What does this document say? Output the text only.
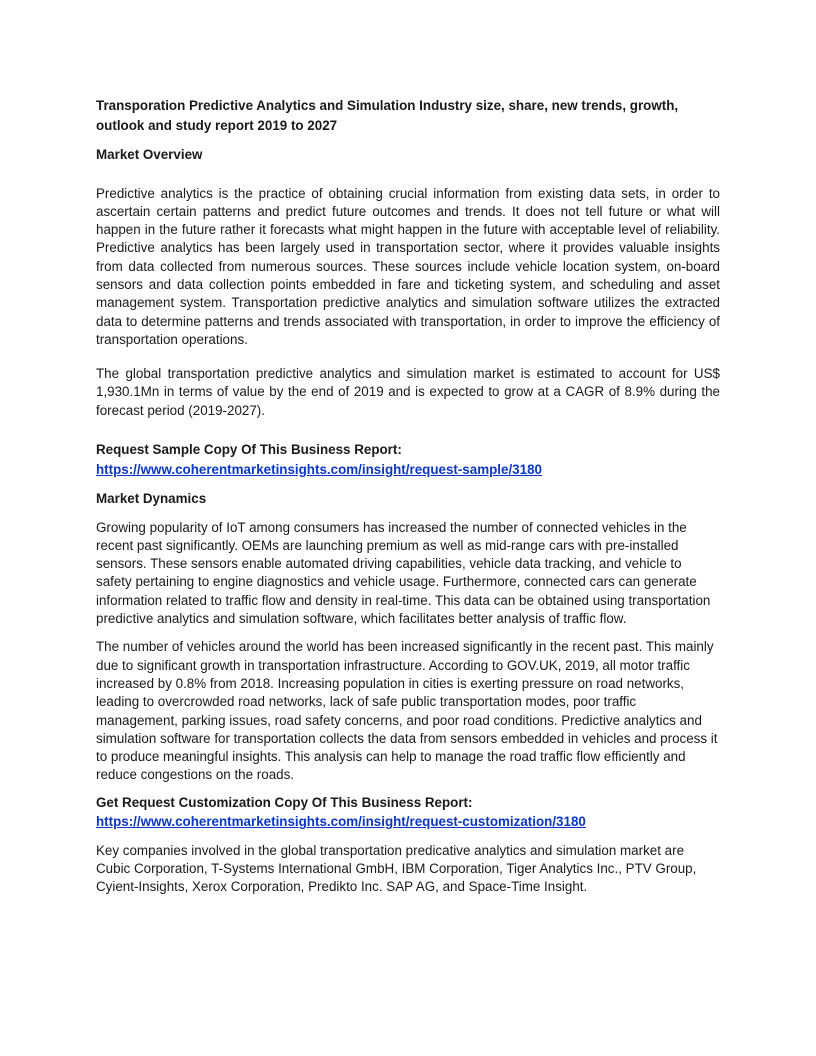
Transporation Predictive Analytics and Simulation Industry size, share, new trends, growth, outlook and study report 2019 to 2027

Market Overview

Predictive analytics is the practice of obtaining crucial information from existing data sets, in order to ascertain certain patterns and predict future outcomes and trends. It does not tell future or what will happen in the future rather it forecasts what might happen in the future with acceptable level of reliability. Predictive analytics has been largely used in transportation sector, where it provides valuable insights from data collected from numerous sources. These sources include vehicle location system, on-board sensors and data collection points embedded in fare and ticketing system, and scheduling and asset management system. Transportation predictive analytics and simulation software utilizes the extracted data to determine patterns and trends associated with transportation, in order to improve the efficiency of transportation operations.

The global transportation predictive analytics and simulation market is estimated to account for US$ 1,930.1Mn in terms of value by the end of 2019 and is expected to grow at a CAGR of 8.9% during the forecast period (2019-2027).

Request Sample Copy Of This Business Report:

https://www.coherentmarketinsights.com/insight/request-sample/3180

Market Dynamics

Growing popularity of IoT among consumers has increased the number of connected vehicles in the recent past significantly. OEMs are launching premium as well as mid-range cars with pre-installed sensors. These sensors enable automated driving capabilities, vehicle data tracking, and vehicle to safety pertaining to engine diagnostics and vehicle usage. Furthermore, connected cars can generate information related to traffic flow and density in real-time. This data can be obtained using transportation predictive analytics and simulation software, which facilitates better analysis of traffic flow.

The number of vehicles around the world has been increased significantly in the recent past. This mainly due to significant growth in transportation infrastructure. According to GOV.UK, 2019, all motor traffic increased by 0.8% from 2018. Increasing population in cities is exerting pressure on road networks, leading to overcrowded road networks, lack of safe public transportation modes, poor traffic management, parking issues, road safety concerns, and poor road conditions. Predictive analytics and simulation software for transportation collects the data from sensors embedded in vehicles and process it to produce meaningful insights. This analysis can help to manage the road traffic flow efficiently and reduce congestions on the roads.

Get Request Customization Copy Of This Business Report:

https://www.coherentmarketinsights.com/insight/request-customization/3180

Key companies involved in the global transportation predicative analytics and simulation market are Cubic Corporation, T-Systems International GmbH, IBM Corporation, Tiger Analytics Inc., PTV Group, Cyient-Insights, Xerox Corporation, Predikto Inc. SAP AG, and Space-Time Insight.
